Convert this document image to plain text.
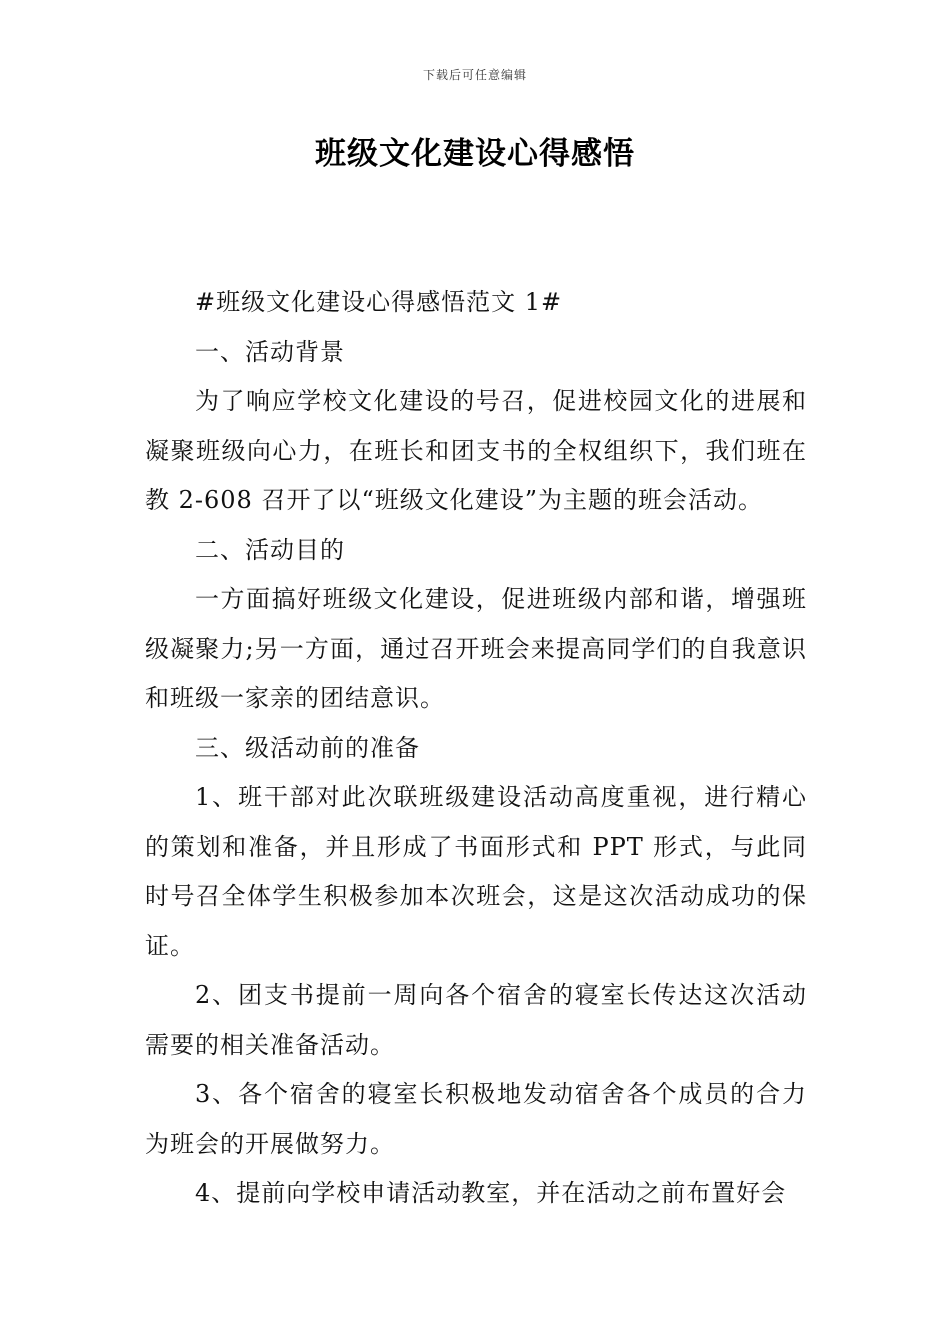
下载后可任意编辑
班级文化建设心得感悟

#班级文化建设心得感悟范文 1#

一、活动背景

为了响应学校文化建设的号召，促进校园文化的进展和凝聚班级向心力，在班长和团支书的全权组织下，我们班在教 2-608 召开了以“班级文化建设”为主题的班会活动。

二、活动目的

一方面搞好班级文化建设，促进班级内部和谐，增强班级凝聚力;另一方面，通过召开班会来提高同学们的自我意识和班级一家亲的团结意识。

三、级活动前的准备

1、班干部对此次联班级建设活动高度重视，进行精心的策划和准备，并且形成了书面形式和 PPT 形式，与此同时号召全体学生积极参加本次班会，这是这次活动成功的保证。

2、团支书提前一周向各个宿舍的寝室长传达这次活动需要的相关准备活动。

3、各个宿舍的寝室长积极地发动宿舍各个成员的合力为班会的开展做努力。

4、提前向学校申请活动教室，并在活动之前布置好会
